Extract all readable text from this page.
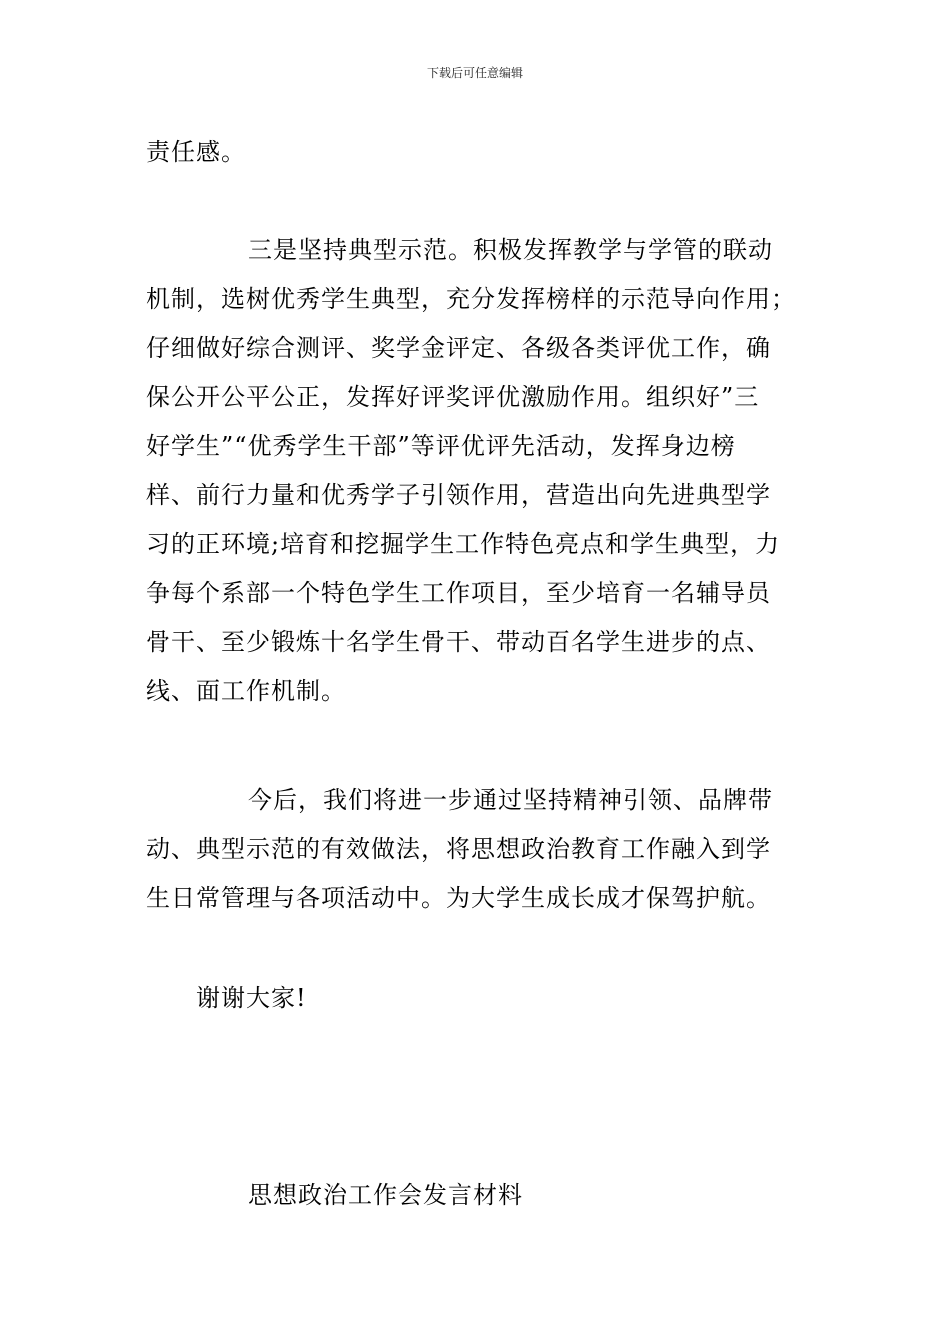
下载后可任意编辑
责任感。
三是坚持典型示范。积极发挥教学与学管的联动
机制，选树优秀学生典型，充分发挥榜样的示范导向作用；
仔细做好综合测评、奖学金评定、各级各类评优工作，确
保公开公平公正，发挥好评奖评优激励作用。组织好”三
好学生”“优秀学生干部”等评优评先活动，发挥身边榜
样、前行力量和优秀学子引领作用，营造出向先进典型学
习的正环境;培育和挖掘学生工作特色亮点和学生典型，力
争每个系部一个特色学生工作项目，至少培育一名辅导员
骨干、至少锻炼十名学生骨干、带动百名学生进步的点、
线、面工作机制。
今后，我们将进一步通过坚持精神引领、品牌带
动、典型示范的有效做法，将思想政治教育工作融入到学
生日常管理与各项活动中。为大学生成长成才保驾护航。
谢谢大家!
思想政治工作会发言材料
